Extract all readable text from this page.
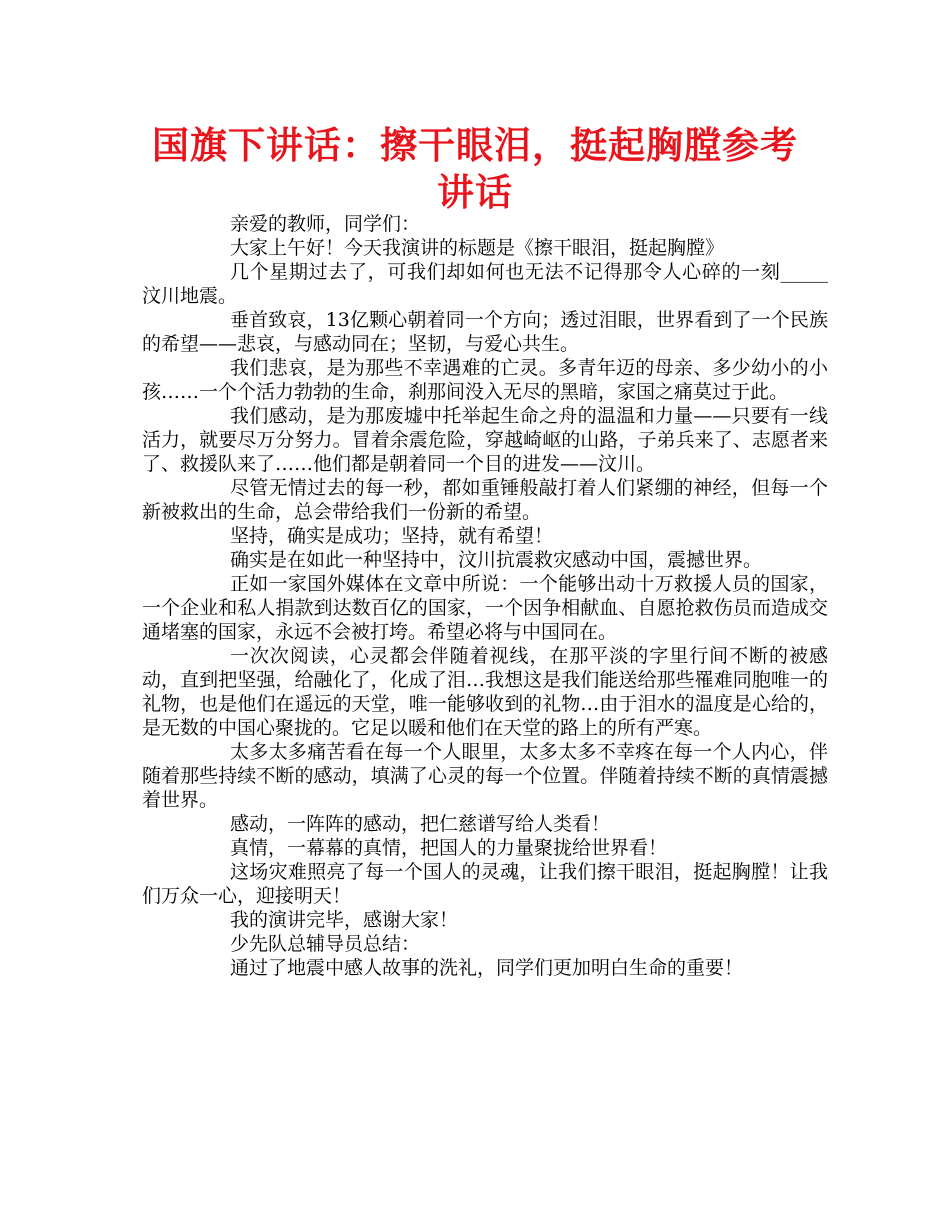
国旗下讲话：擦干眼泪，挺起胸膛参考讲话

亲爱的教师，同学们：

大家上午好！今天我演讲的标题是《擦干眼泪，挺起胸膛》

几个星期过去了，可我们却如何也无法不记得那令人心碎的一刻_____汶川地震。

垂首致哀，13亿颗心朝着同一个方向；透过泪眼，世界看到了一个民族的希望——悲哀，与感动同在；坚韧，与爱心共生。

我们悲哀，是为那些不幸遇难的亡灵。多青年迈的母亲、多少幼小的小孩……一个个活力勃勃的生命，刹那间没入无尽的黑暗，家国之痛莫过于此。

我们感动，是为那废墟中托举起生命之舟的温温和力量——只要有一线活力，就要尽万分努力。冒着余震危险，穿越崎岖的山路，子弟兵来了、志愿者来了、救援队来了……他们都是朝着同一个目的进发——汶川。

尽管无情过去的每一秒，都如重锤般敲打着人们紧绷的神经，但每一个新被救出的生命，总会带给我们一份新的希望。

坚持，确实是成功；坚持，就有希望！

确实是在如此一种坚持中，汶川抗震救灾感动中国，震撼世界。

正如一家国外媒体在文章中所说：一个能够出动十万救援人员的国家，一个企业和私人捐款到达数百亿的国家，一个因争相献血、自愿抢救伤员而造成交通堵塞的国家，永远不会被打垮。希望必将与中国同在。

一次次阅读，心灵都会伴随着视线，在那平淡的字里行间不断的被感动，直到把坚强，给融化了，化成了泪…我想这是我们能送给那些罹难同胞唯一的礼物，也是他们在遥远的天堂，唯一能够收到的礼物…由于泪水的温度是心给的，是无数的中国心聚拢的。它足以暖和他们在天堂的路上的所有严寒。

太多太多痛苦看在每一个人眼里，太多太多不幸疼在每一个人内心，伴随着那些持续不断的感动，填满了心灵的每一个位置。伴随着持续不断的真情震撼着世界。

感动，一阵阵的感动，把仁慈谱写给人类看！

真情，一幕幕的真情，把国人的力量聚拢给世界看！

这场灾难照亮了每一个国人的灵魂，让我们擦干眼泪，挺起胸膛！让我们万众一心，迎接明天！

我的演讲完毕，感谢大家！

少先队总辅导员总结：

通过了地震中感人故事的洗礼，同学们更加明白生命的重要！
